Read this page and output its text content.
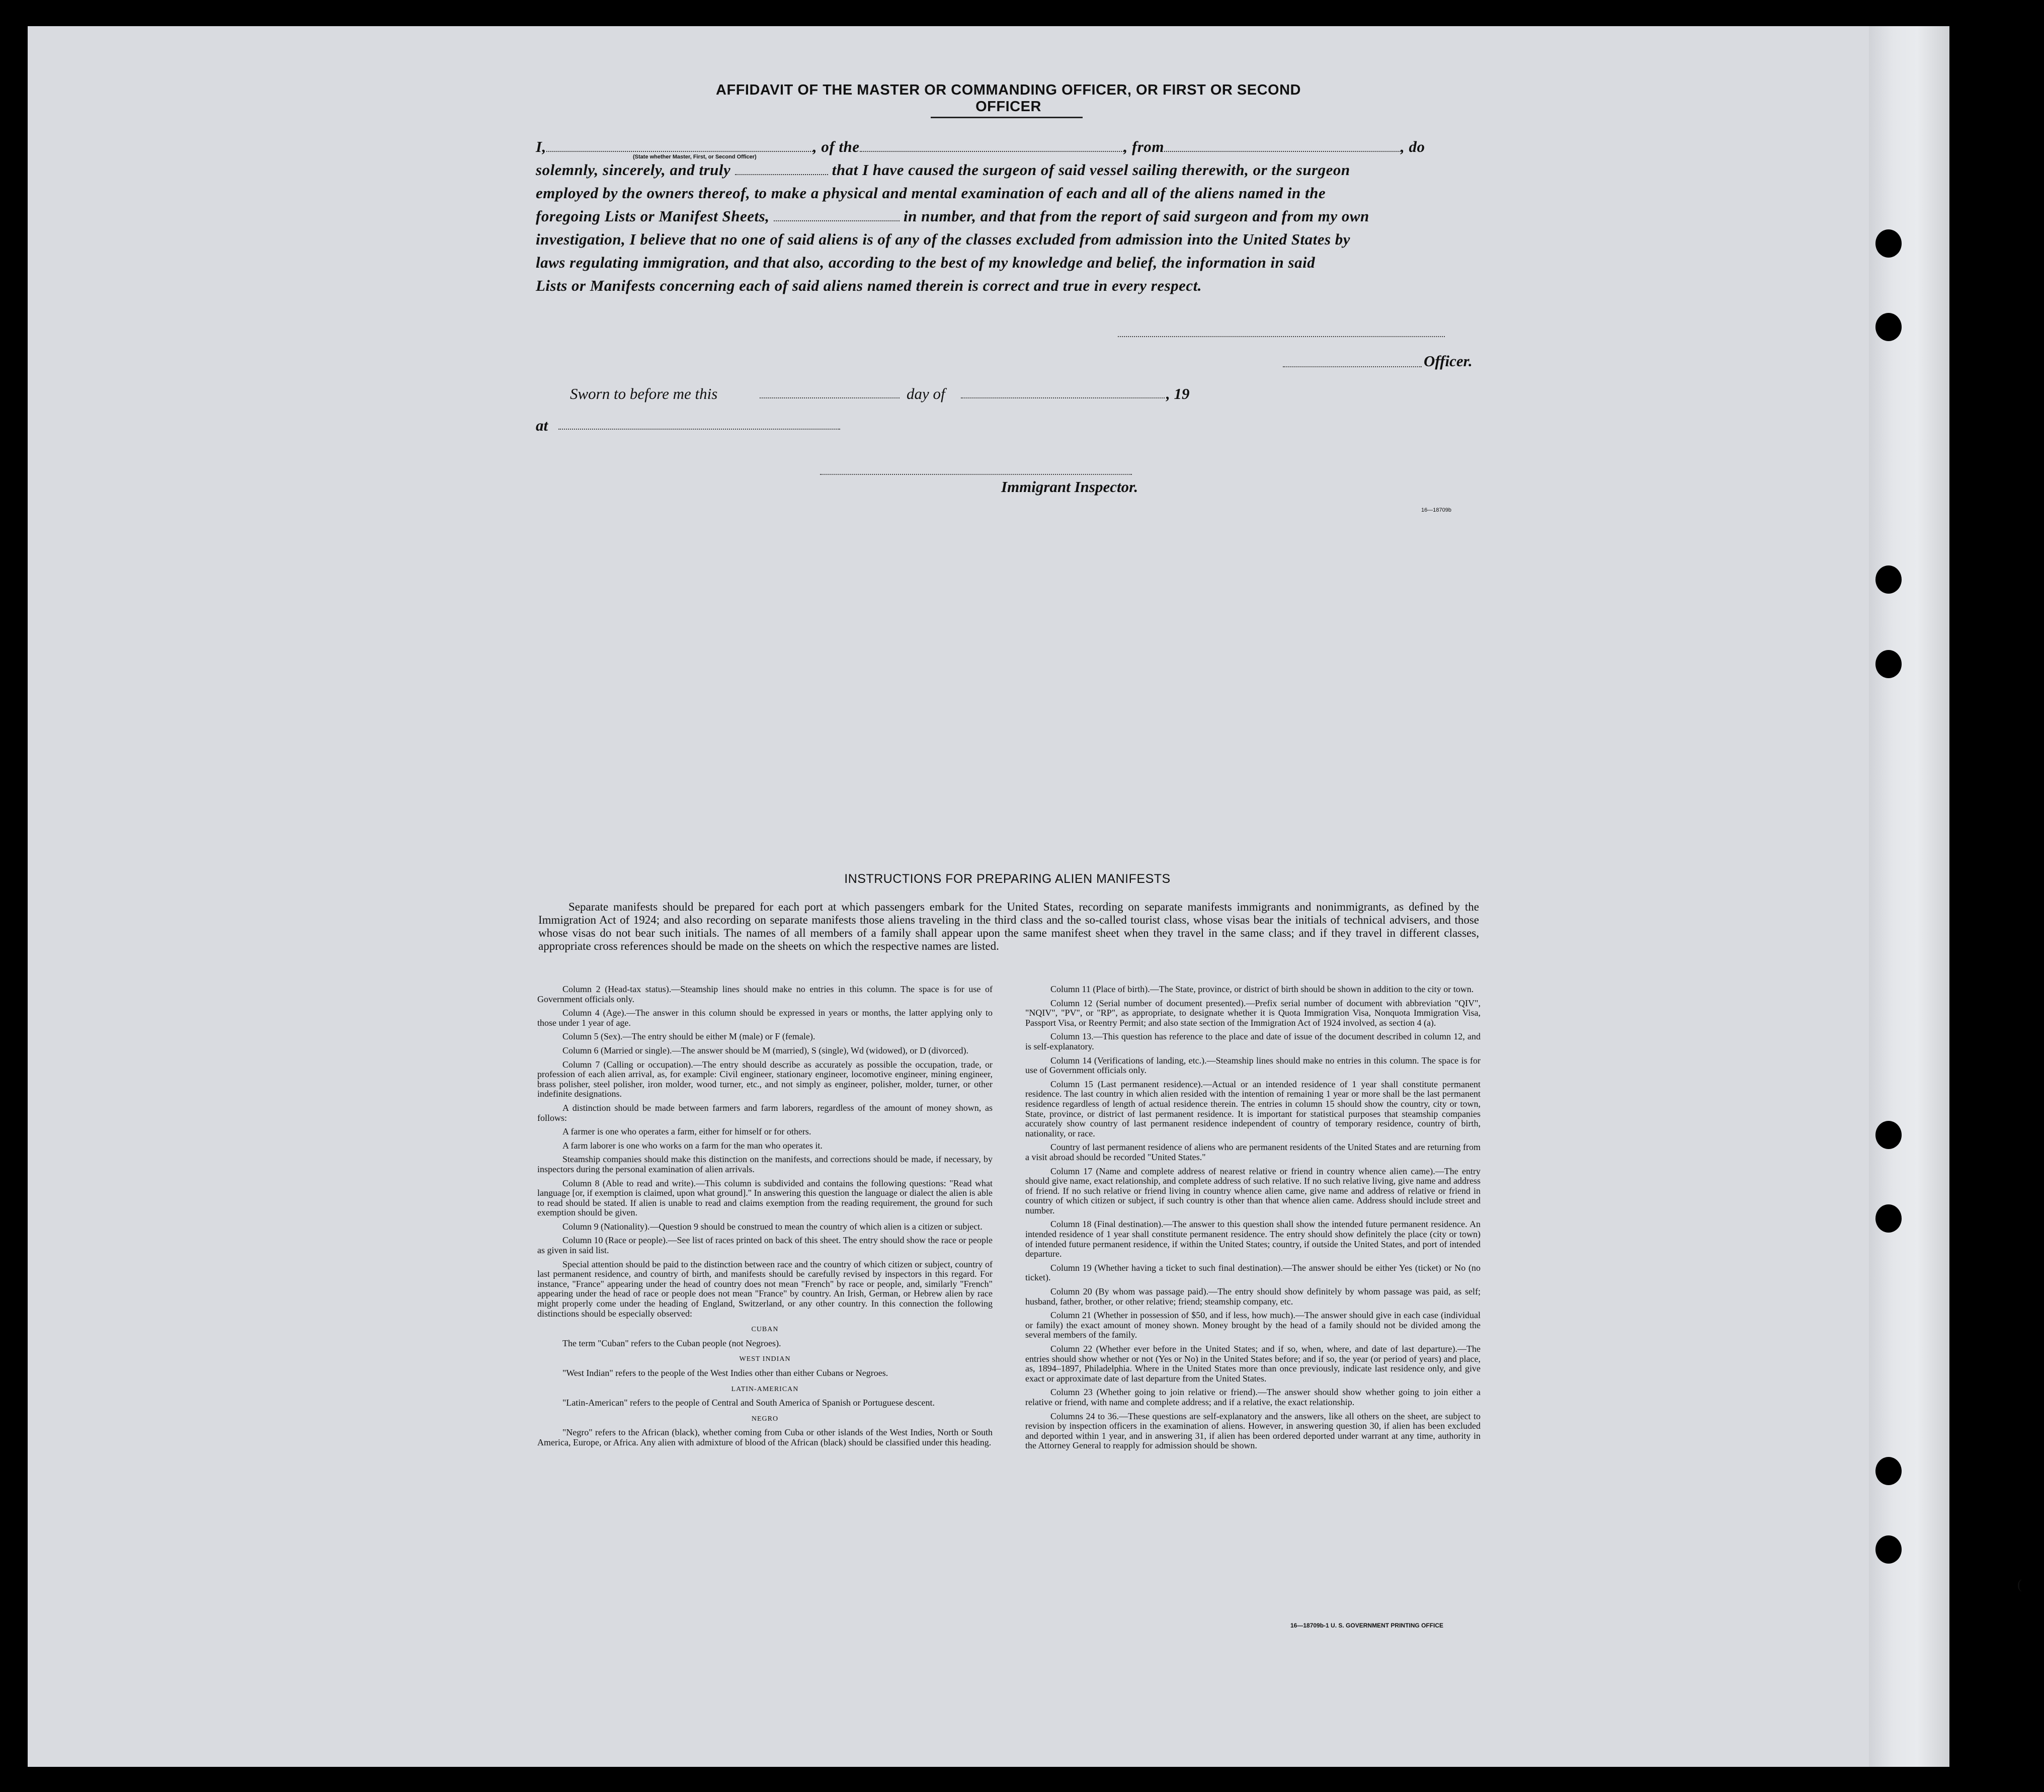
(
AFFIDAVIT OF THE MASTER OR COMMANDING OFFICER, OR FIRST OR SECOND OFFICER
I,	, of the	, from	, do
(State whether Master, First, or Second Officer)
solemnly, sincerely, and truly	that I have caused the surgeon of said vessel sailing therewith, or the surgeon
employed by the owners thereof, to make a physical and mental examination of each and all of the aliens named in the
foregoing Lists or Manifest Sheets,	in number, and that from the report of said surgeon and from my own
investigation, I believe that no one of said aliens is of any of the classes excluded from admission into the United States by
laws regulating immigration, and that also, according to the best of my knowledge and belief, the information in said
Lists or Manifests concerning each of said aliens named therein is correct and true in every respect.
Officer.
Sworn to before me this	day of	, 19
at
Immigrant Inspector.
16—18709b
INSTRUCTIONS FOR PREPARING ALIEN MANIFESTS
Separate manifests should be prepared for each port at which passengers embark for the United States, recording on separate manifests immigrants and nonimmigrants, as defined by the Immigration Act of 1924; and also recording on separate manifests those aliens traveling in the third class and the so-called tourist class, whose visas bear the initials of technical advisers, and those whose visas do not bear such initials. The names of all members of a family shall appear upon the same manifest sheet when they travel in the same class; and if they travel in different classes, appropriate cross references should be made on the sheets on which the respective names are listed.

Column 2 (Head-tax status).—Steamship lines should make no entries in this column. The space is for use of Government officials only.

Column 4 (Age).—The answer in this column should be expressed in years or months, the latter applying only to those under 1 year of age.

Column 5 (Sex).—The entry should be either M (male) or F (female).

Column 6 (Married or single).—The answer should be M (married), S (single), Wd (widowed), or D (divorced).

Column 7 (Calling or occupation).—The entry should describe as accurately as possible the occupation, trade, or profession of each alien arrival, as, for example: Civil engineer, stationary engineer, locomotive engineer, mining engineer, brass polisher, steel polisher, iron molder, wood turner, etc., and not simply as engineer, polisher, molder, turner, or other indefinite designations.

A distinction should be made between farmers and farm laborers, regardless of the amount of money shown, as follows:

A farmer is one who operates a farm, either for himself or for others.

A farm laborer is one who works on a farm for the man who operates it.

Steamship companies should make this distinction on the manifests, and corrections should be made, if necessary, by inspectors during the personal examination of alien arrivals.

Column 8 (Able to read and write).—This column is subdivided and contains the following questions: "Read what language [or, if exemption is claimed, upon what ground]." In answering this question the language or dialect the alien is able to read should be stated. If alien is unable to read and claims exemption from the reading requirement, the ground for such exemption should be given.

Column 9 (Nationality).—Question 9 should be construed to mean the country of which alien is a citizen or subject.

Column 10 (Race or people).—See list of races printed on back of this sheet. The entry should show the race or people as given in said list.

Special attention should be paid to the distinction between race and the country of which citizen or subject, country of last permanent residence, and country of birth, and manifests should be carefully revised by inspectors in this regard. For instance, "France" appearing under the head of country does not mean "French" by race or people, and, similarly "French" appearing under the head of race or people does not mean "France" by country. An Irish, German, or Hebrew alien by race might properly come under the heading of England, Switzerland, or any other country. In this connection the following distinctions should be especially observed:

CUBAN

The term "Cuban" refers to the Cuban people (not Negroes).

WEST INDIAN

"West Indian" refers to the people of the West Indies other than either Cubans or Negroes.

LATIN-AMERICAN

"Latin-American" refers to the people of Central and South America of Spanish or Portuguese descent.

NEGRO

"Negro" refers to the African (black), whether coming from Cuba or other islands of the West Indies, North or South America, Europe, or Africa. Any alien with admixture of blood of the African (black) should be classified under this heading.

Column 11 (Place of birth).—The State, province, or district of birth should be shown in addition to the city or town.

Column 12 (Serial number of document presented).—Prefix serial number of document with abbreviation "QIV", "NQIV", "PV", or "RP", as appropriate, to designate whether it is Quota Immigration Visa, Nonquota Immigration Visa, Passport Visa, or Reentry Permit; and also state section of the Immigration Act of 1924 involved, as section 4 (a).

Column 13.—This question has reference to the place and date of issue of the document described in column 12, and is self-explanatory.

Column 14 (Verifications of landing, etc.).—Steamship lines should make no entries in this column. The space is for use of Government officials only.

Column 15 (Last permanent residence).—Actual or an intended residence of 1 year shall constitute permanent residence. The last country in which alien resided with the intention of remaining 1 year or more shall be the last permanent residence regardless of length of actual residence therein. The entries in column 15 should show the country, city or town, State, province, or district of last permanent residence. It is important for statistical purposes that steamship companies accurately show country of last permanent residence independent of country of temporary residence, country of birth, nationality, or race.

Country of last permanent residence of aliens who are permanent residents of the United States and are returning from a visit abroad should be recorded "United States."

Column 17 (Name and complete address of nearest relative or friend in country whence alien came).—The entry should give name, exact relationship, and complete address of such relative. If no such relative living, give name and address of friend. If no such relative or friend living in country whence alien came, give name and address of relative or friend in country of which citizen or subject, if such country is other than that whence alien came. Address should include street and number.

Column 18 (Final destination).—The answer to this question shall show the intended future permanent residence. An intended residence of 1 year shall constitute permanent residence. The entry should show definitely the place (city or town) of intended future permanent residence, if within the United States; country, if outside the United States, and port of intended departure.

Column 19 (Whether having a ticket to such final destination).—The answer should be either Yes (ticket) or No (no ticket).

Column 20 (By whom was passage paid).—The entry should show definitely by whom passage was paid, as self; husband, father, brother, or other relative; friend; steamship company, etc.

Column 21 (Whether in possession of $50, and if less, how much).—The answer should give in each case (individual or family) the exact amount of money shown. Money brought by the head of a family should not be divided among the several members of the family.

Column 22 (Whether ever before in the United States; and if so, when, where, and date of last departure).—The entries should show whether or not (Yes or No) in the United States before; and if so, the year (or period of years) and place, as, 1894–1897, Philadelphia. Where in the United States more than once previously, indicate last residence only, and give exact or approximate date of last departure from the United States.

Column 23 (Whether going to join relative or friend).—The answer should show whether going to join either a relative or friend, with name and complete address; and if a relative, the exact relationship.

Columns 24 to 36.—These questions are self-explanatory and the answers, like all others on the sheet, are subject to revision by inspection officers in the examination of aliens. However, in answering question 30, if alien has been excluded and deported within 1 year, and in answering 31, if alien has been ordered deported under warrant at any time, authority in the Attorney General to reapply for admission should be shown.

16—18709b-1 U. S. GOVERNMENT PRINTING OFFICE
